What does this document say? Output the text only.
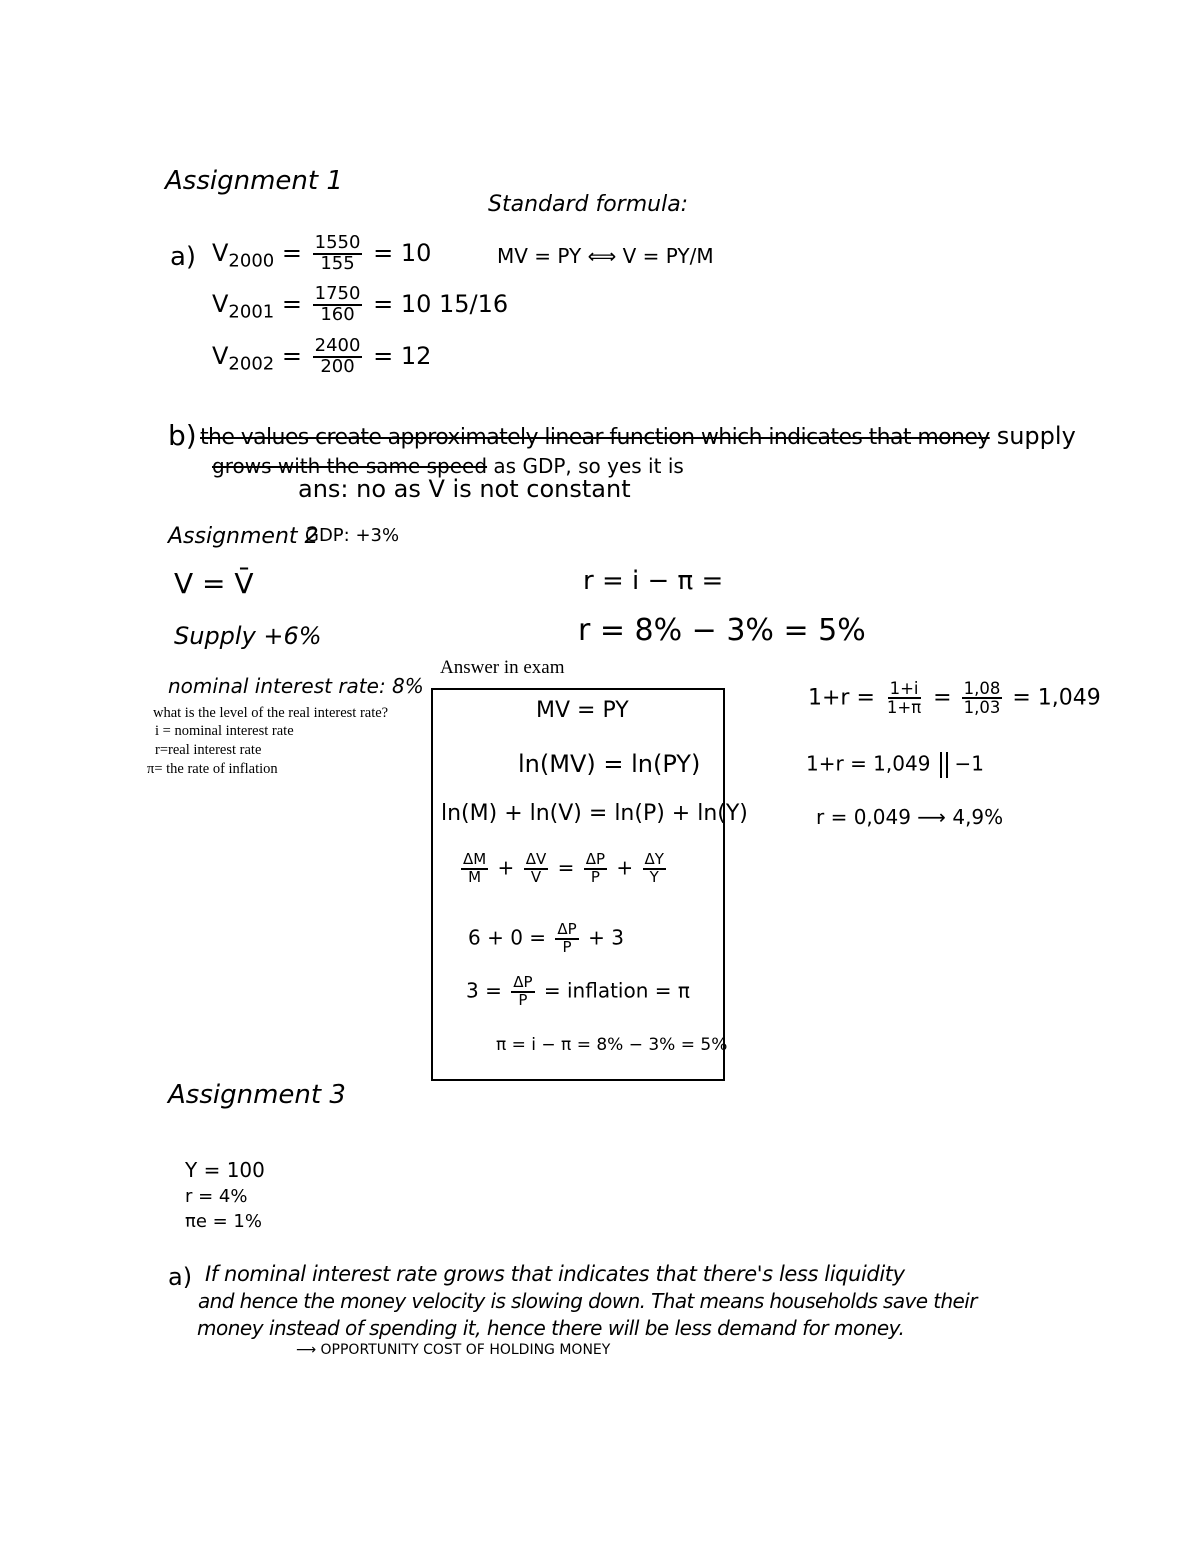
Assignment 1
Standard formula:
MV = PY ⟺ V = PY/M
a) $V_{2000} = \frac{1550}{155} = 10$
$V_{2001} = \frac{1750}{160} = 10$ 15/16
$V_{2002} = \frac{2400}{200} = 12$
b) the values create approximately linear function which indicates that money supply
grows with the same speed as GDP, so yes it is
ans: no as V is not constant
Assignment 2
GDP: +3%
V = V̄
Supply +6%
nominal interest rate: 8%
what is the level of the real interest rate?
i = nominal interest rate
r=real interest rate
π= the rate of inflation
r = i − π =
r = 8% − 3% = 5%
Answer in exam
MV = PY
ln(MV) = ln(PY)
ln(M) + ln(V) = ln(P) + ln(Y)
$\frac{\Delta M}{M} + \frac{\Delta V}{V} = \frac{\Delta P}{P} + \frac{\Delta Y}{Y}$
$6 + 0 = \frac{\Delta P}{P} + 3$
$3 = \frac{\Delta P}{P}$ = inflation = π
π = i − π = 8% − 3% = 5%
$1+r = \frac{1+i}{1+\pi} = \frac{1,08}{1,03} = 1,049$
1+r = 1,049 −1
r = 0,049 ⟶ 4,9%
Assignment 3
Y = 100
r = 4%
πe = 1%
a) If nominal interest rate grows that indicates that there's less liquidity
and hence the money velocity is slowing down. That means households save their
money instead of spending it, hence there will be less demand for money.
⟶ OPPORTUNITY COST OF HOLDING MONEY
